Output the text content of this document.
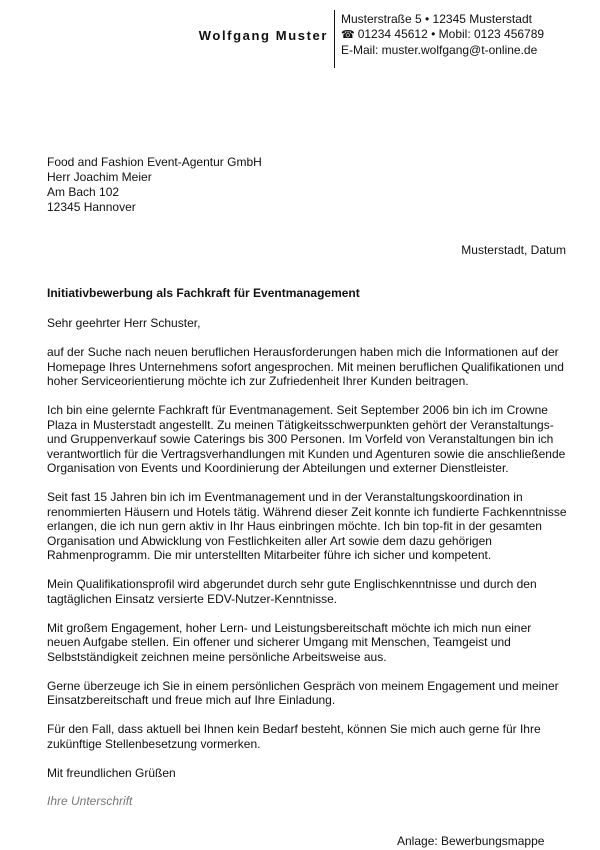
Wolfgang Muster
Musterstraße 5 • 12345 Musterstadt
☎ 01234 45612 • Mobil: 0123 456789
E-Mail: muster.wolfgang@t-online.de
Food and Fashion Event-Agentur GmbH
Herr Joachim Meier
Am Bach 102
12345 Hannover
Musterstadt, Datum

Initiativbewerbung als Fachkraft für Eventmanagement

Sehr geehrter Herr Schuster,

auf der Suche nach neuen beruflichen Herausforderungen haben mich die Informationen auf der Homepage Ihres Unternehmens sofort angesprochen. Mit meinen beruflichen Qualifikationen und hoher Serviceorientierung möchte ich zur Zufriedenheit Ihrer Kunden beitragen.

Ich bin eine gelernte Fachkraft für Eventmanagement. Seit September 2006 bin ich im Crowne Plaza in Musterstadt angestellt. Zu meinen Tätigkeitsschwerpunkten gehört der Veranstaltungs- und Gruppenverkauf sowie Caterings bis 300 Personen. Im Vorfeld von Veranstaltungen bin ich verantwortlich für die Vertragsverhandlungen mit Kunden und Agenturen sowie die anschließende Organisation von Events und Koordinierung der Abteilungen und externer Dienstleister.

Seit fast 15 Jahren bin ich im Eventmanagement und in der Veranstaltungskoordination in renommierten Häusern und Hotels tätig. Während dieser Zeit konnte ich fundierte Fachkenntnisse erlangen, die ich nun gern aktiv in Ihr Haus einbringen möchte. Ich bin top-fit in der gesamten Organisation und Abwicklung von Festlichkeiten aller Art sowie dem dazu gehörigen Rahmenprogramm. Die mir unterstellten Mitarbeiter führe ich sicher und kompetent.

Mein Qualifikationsprofil wird abgerundet durch sehr gute Englischkenntnisse und durch den tagtäglichen Einsatz versierte EDV-Nutzer-Kenntnisse.

Mit großem Engagement, hoher Lern- und Leistungsbereitschaft möchte ich mich nun einer neuen Aufgabe stellen. Ein offener und sicherer Umgang mit Menschen, Teamgeist und Selbstständigkeit zeichnen meine persönliche Arbeitsweise aus.

Gerne überzeuge ich Sie in einem persönlichen Gespräch von meinem Engagement und meiner Einsatzbereitschaft und freue mich auf Ihre Einladung.

Für den Fall, dass aktuell bei Ihnen kein Bedarf besteht, können Sie mich auch gerne für Ihre zukünftige Stellenbesetzung vormerken.

Mit freundlichen Grüßen

Ihre Unterschrift

Anlage: Bewerbungsmappe
